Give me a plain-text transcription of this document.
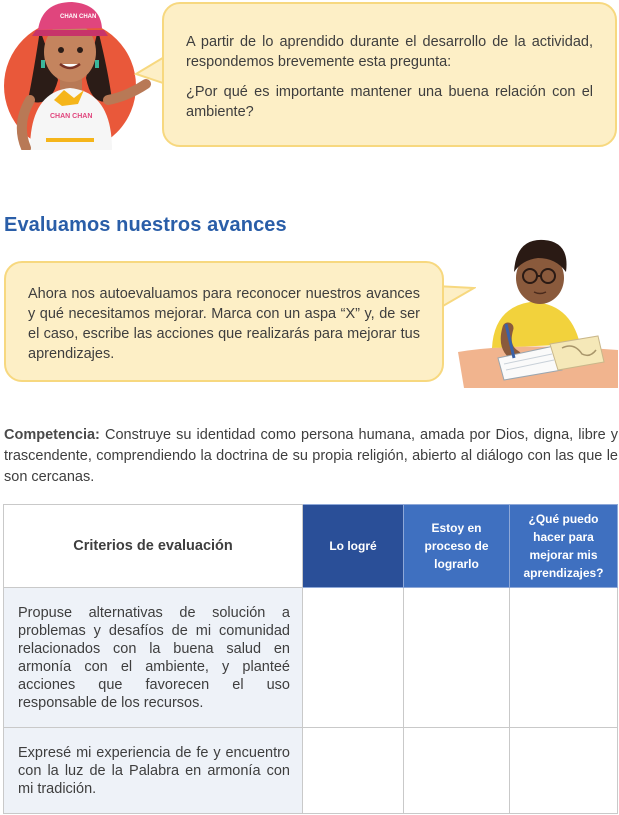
CHAN CHAN
CHAN CHAN

A partir de lo aprendido durante el desarrollo de la actividad, respondemos brevemente esta pregunta:

¿Por qué es importante mantener una buena relación con el ambiente?

Evaluamos nuestros avances

Ahora nos autoevaluamos para reconocer nuestros avances y qué necesitamos mejorar. Marca con un aspa “X” y, de ser el caso, escribe las acciones que realizarás para mejorar tus aprendizajes.

Competencia: Construye su identidad como persona humana, amada por Dios, digna, libre y trascendente, comprendiendo la doctrina de su propia religión, abierto al diálogo con las que le son cercanas.

Criterios de evaluación	Lo logré	Estoy en proceso de lograrlo	¿Qué puedo hacer para mejorar mis aprendizajes?
Propuse alternativas de solución a problemas y desafíos de mi comunidad relacionados con la buena salud en armonía con el ambiente, y planteé acciones que favorecen el uso responsable de los recursos.			
Expresé mi experiencia de fe y encuentro con la luz de la Palabra en armonía con mi tradición.			
